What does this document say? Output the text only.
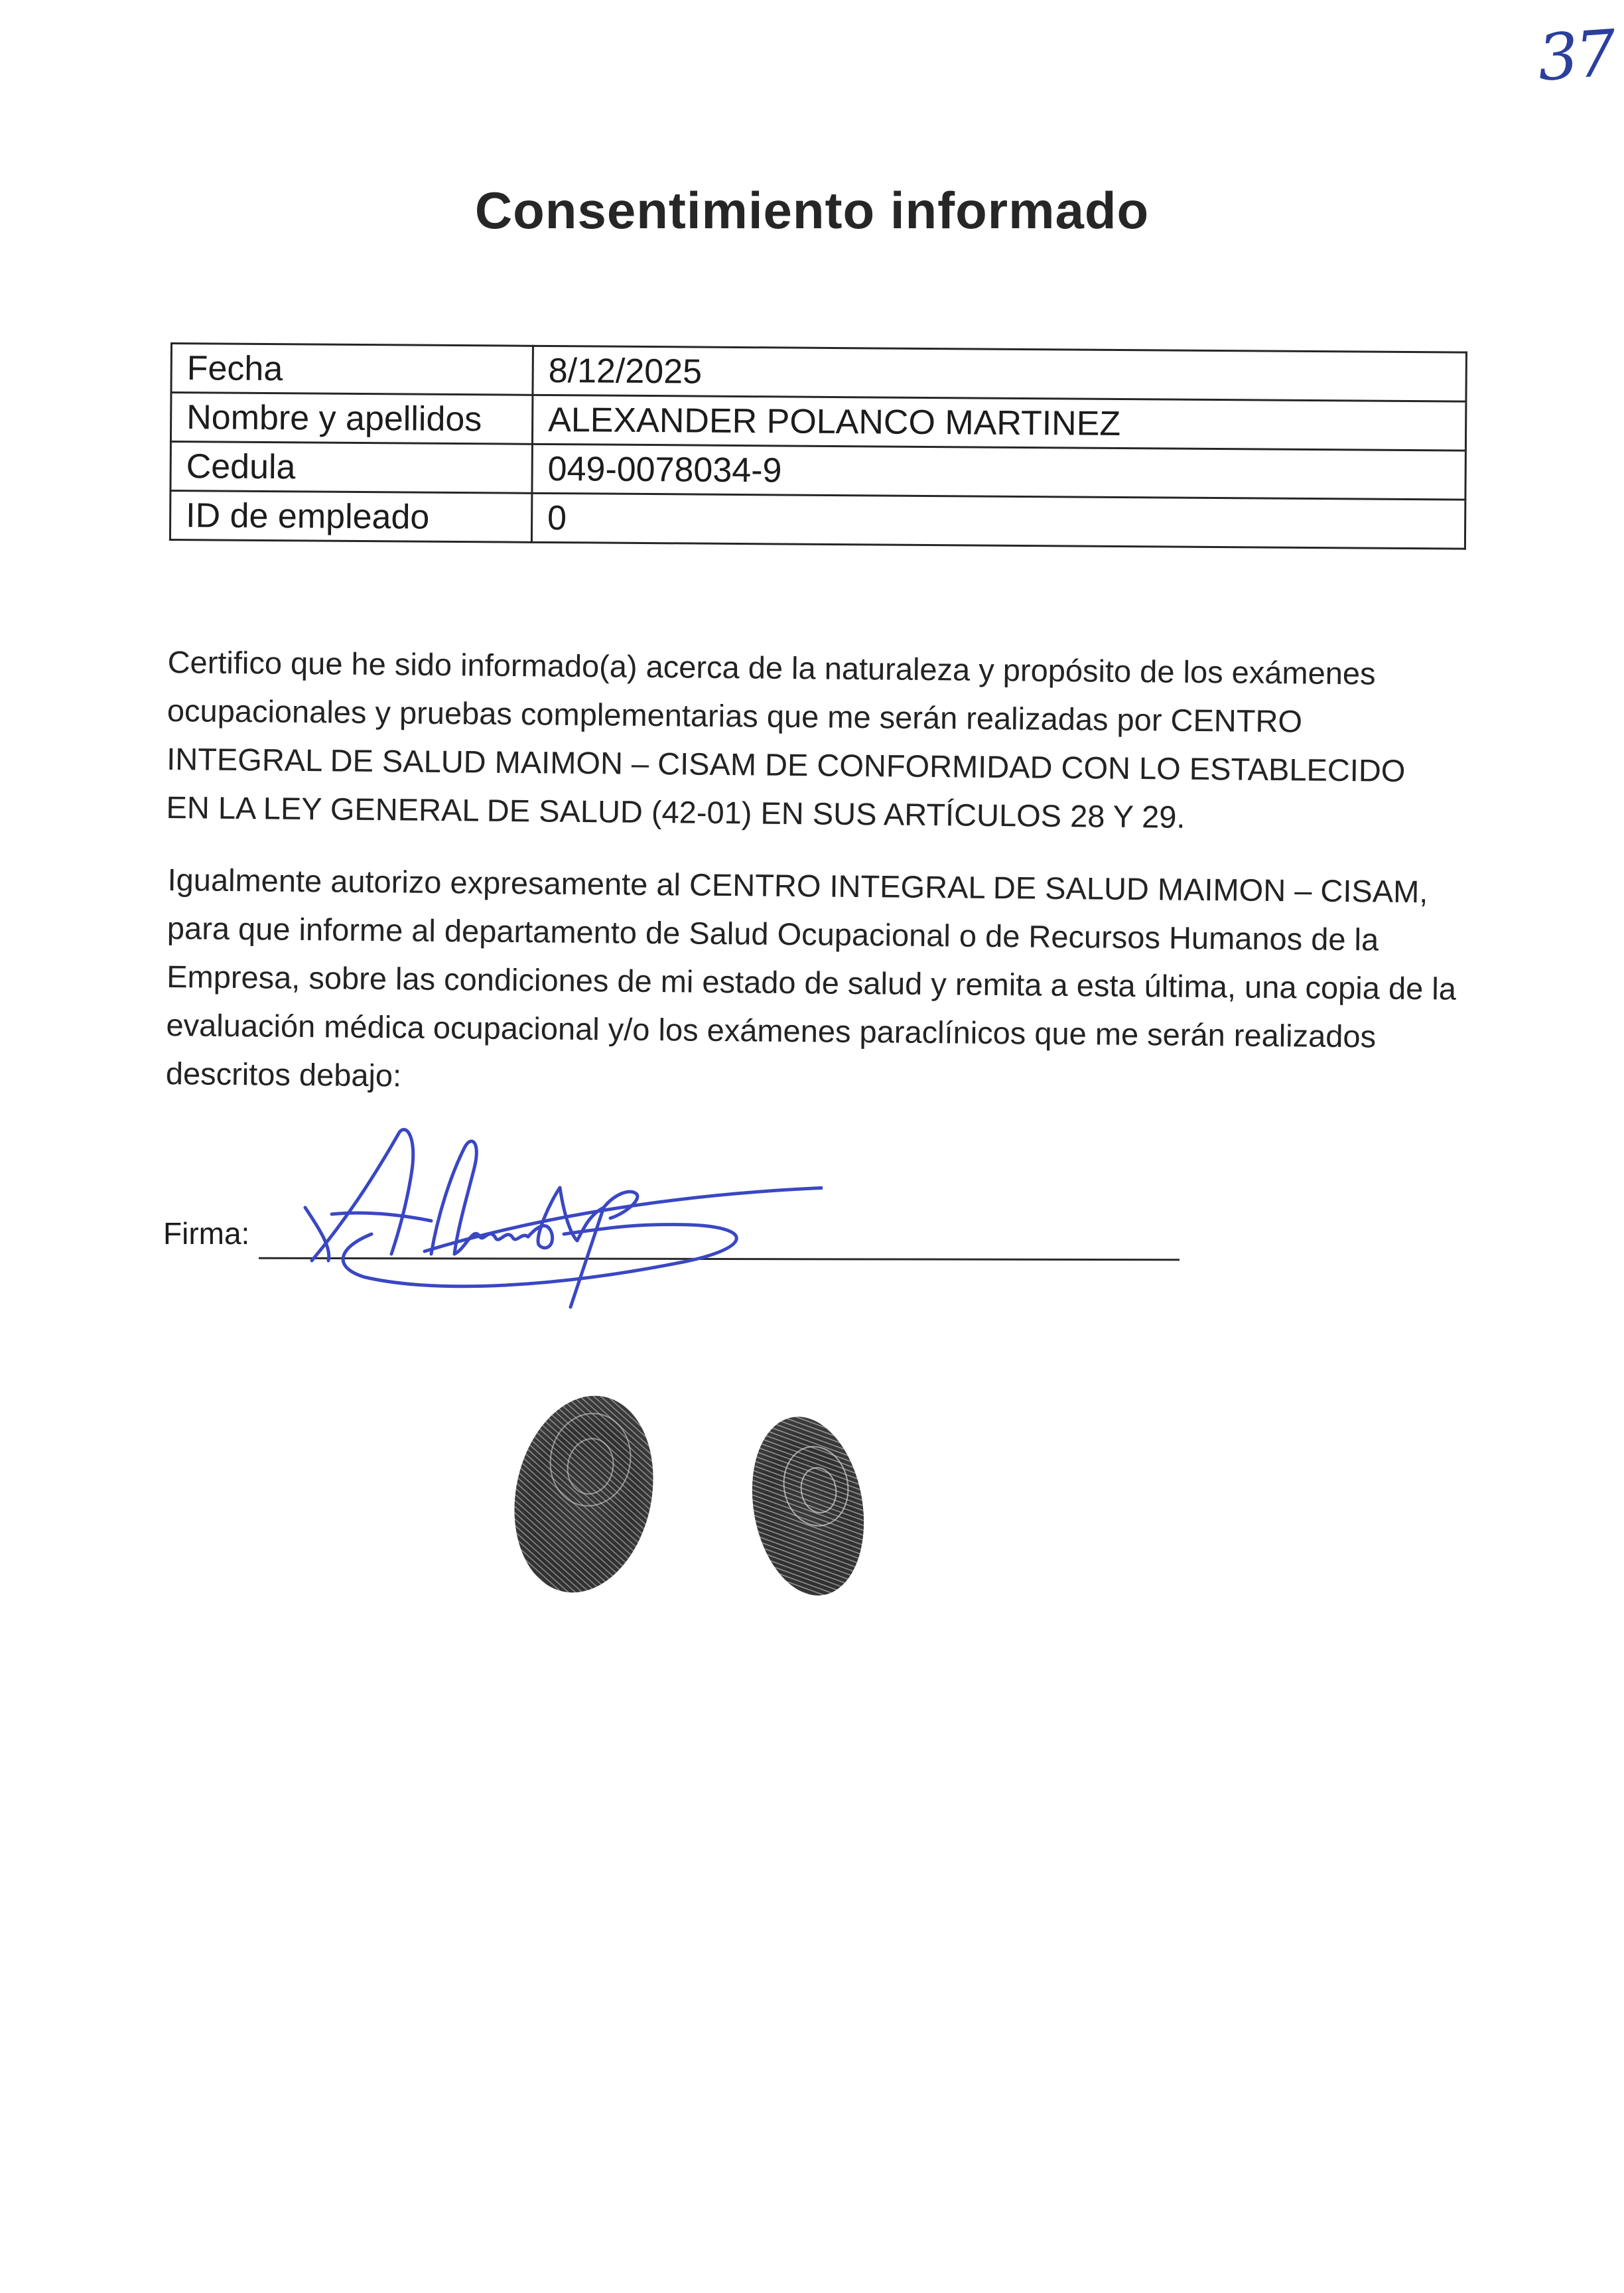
37
Consentimiento informado
Fecha	8/12/2025
Nombre y apellidos	ALEXANDER POLANCO MARTINEZ
Cedula	049-0078034-9
ID de empleado	0

Certifico que he sido informado(a) acerca de la naturaleza y propósito de los exámenes ocupacionales y pruebas complementarias que me serán realizadas por CENTRO INTEGRAL DE SALUD MAIMON – CISAM DE CONFORMIDAD CON LO ESTABLECIDO EN LA LEY GENERAL DE SALUD (42-01) EN SUS ARTÍCULOS 28 Y 29.

Igualmente autorizo expresamente al CENTRO INTEGRAL DE SALUD MAIMON – CISAM, para que informe al departamento de Salud Ocupacional o de Recursos Humanos de la Empresa, sobre las condiciones de mi estado de salud y remita a esta última, una copia de la evaluación médica ocupacional y/o los exámenes paraclínicos que me serán realizados descritos debajo:

Firma:
